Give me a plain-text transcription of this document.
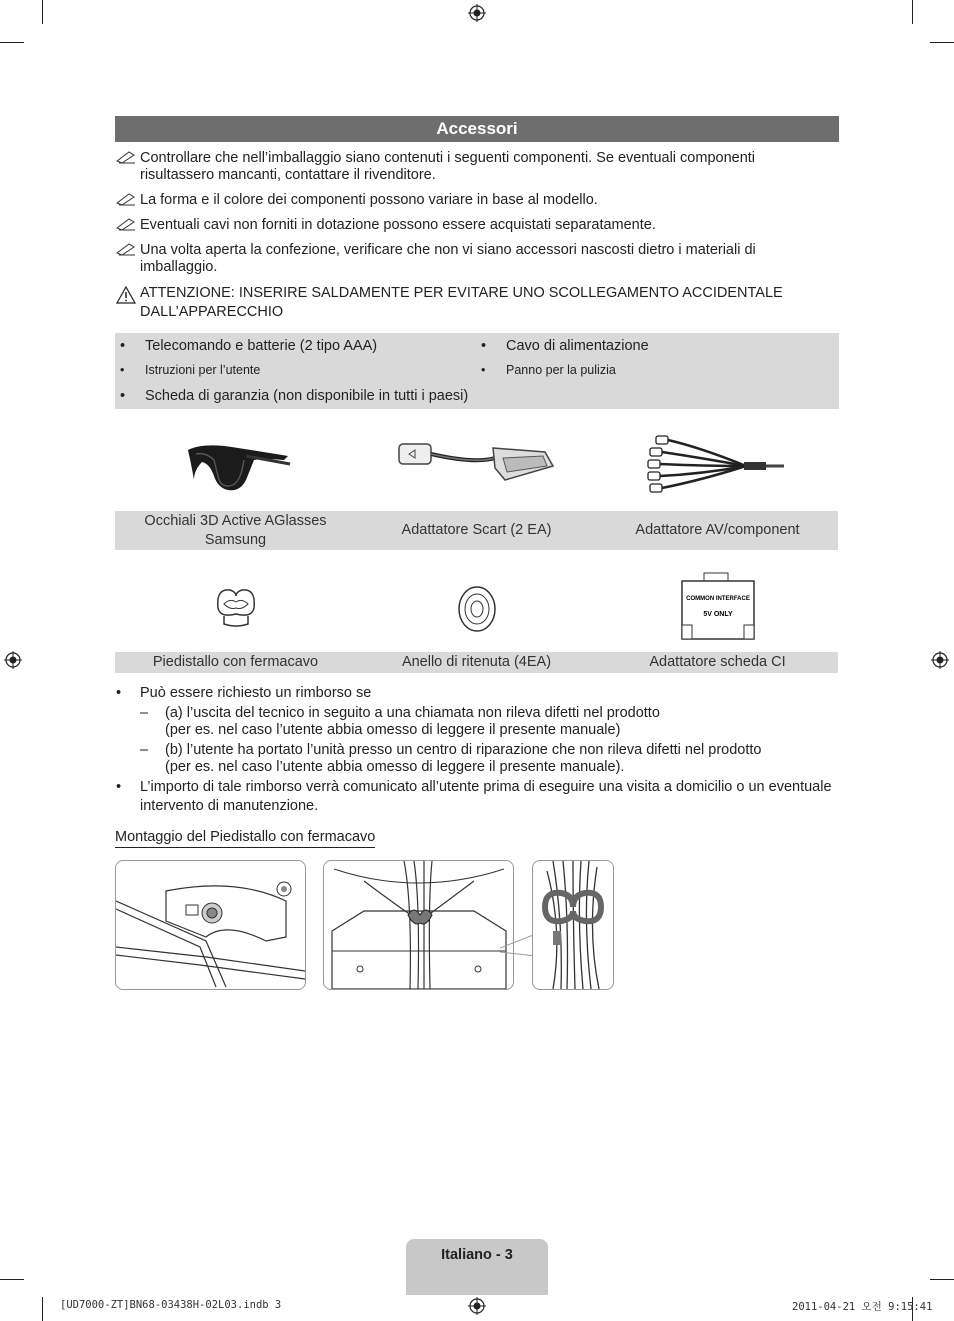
Accessori
Controllare che nell’imballaggio siano contenuti i seguenti componenti. Se eventuali componenti
risultassero mancanti, contattare il rivenditore.
La forma e il colore dei componenti possono variare in base al modello.
Eventuali cavi non forniti in dotazione possono essere acquistati separatamente.
Una volta aperta la confezione, verificare che non vi siano accessori nascosti dietro i materiali di
imballaggio.
ATTENZIONE: INSERIRE SALDAMENTE PER EVITARE UNO SCOLLEGAMENTO ACCIDENTALE
DALL’APPARECCHIO
• Telecomando e batterie (2 tipo AAA)
• Istruzioni per l’utente
• Scheda di garanzia (non disponibile in tutti i paesi)
• Cavo di alimentazione
• Panno per la pulizia
Occhiali 3D Active AGlasses
Samsung
Adattatore Scart (2 EA)	Adattatore AV/component
COMMON INTERFACE
5V ONLY
Piedistallo con fermacavo	Anello di ritenuta (4EA)	Adattatore scheda CI
• Può essere richiesto un rimborso se
– (a) l’uscita del tecnico in seguito a una chiamata non rileva difetti nel prodotto
(per es. nel caso l’utente abbia omesso di leggere il presente manuale)
– (b) l’utente ha portato l’unità presso un centro di riparazione che non rileva difetti nel prodotto
(per es. nel caso l’utente abbia omesso di leggere il presente manuale).
• L’importo di tale rimborso verrà comunicato all’utente prima di eseguire una visita a domicilio o un eventuale
intervento di manutenzione.
Montaggio del Piedistallo con fermacavo
Italiano - 3
[UD7000-ZT]BN68-03438H-02L03.indb 3	2011-04-21 오전 9:15:41
